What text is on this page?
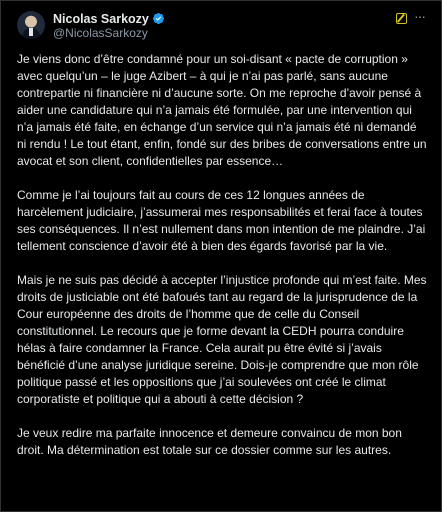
Nicolas Sarkozy
@NicolasSarkozy
···

Je viens donc d’être condamné pour un soi-disant « pacte de corruption » avec quelqu’un – le juge Azibert – à qui je n’ai pas parlé, sans aucune contrepartie ni financière ni d’aucune sorte. On me reproche d’avoir pensé à aider une candidature qui n’a jamais été formulée, par une intervention qui n’a jamais été faite, en échange d’un service qui n’a jamais été ni demandé ni rendu ! Le tout étant, enfin, fondé sur des bribes de conversations entre un avocat et son client, confidentielles par essence…

Comme je l’ai toujours fait au cours de ces 12 longues années de harcèlement judiciaire, j’assumerai mes responsabilités et ferai face à toutes ses conséquences. Il n’est nullement dans mon intention de me plaindre. J’ai tellement conscience d’avoir été à bien des égards favorisé par la vie.

Mais je ne suis pas décidé à accepter l’injustice profonde qui m’est faite. Mes droits de justiciable ont été bafoués tant au regard de la jurisprudence de la Cour européenne des droits de l’homme que de celle du Conseil constitutionnel. Le recours que je forme devant la CEDH pourra conduire hélas à faire condamner la France. Cela aurait pu être évité si j’avais bénéficié d’une analyse juridique sereine. Dois-je comprendre que mon rôle politique passé et les oppositions que j’ai soulevées ont créé le climat corporatiste et politique qui a abouti à cette décision ?

Je veux redire ma parfaite innocence et demeure convaincu de mon bon droit. Ma détermination est totale sur ce dossier comme sur les autres.
